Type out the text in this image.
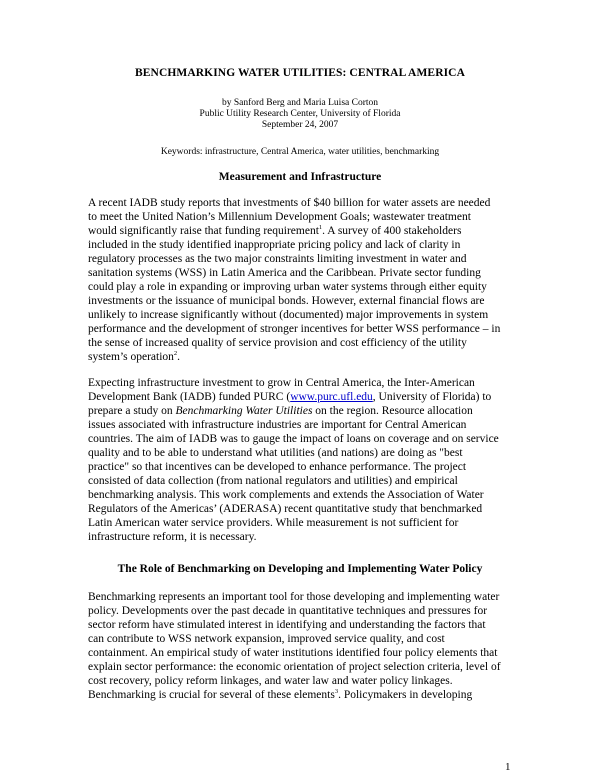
BENCHMARKING WATER UTILITIES: CENTRAL AMERICA
by Sanford Berg and Maria Luisa Corton
Public Utility Research Center, University of Florida
September 24, 2007
Keywords: infrastructure, Central America, water utilities, benchmarking
Measurement and Infrastructure
A recent IADB study reports that investments of $40 billion for water assets are needed
to meet the United Nation’s Millennium Development Goals; wastewater treatment
would significantly raise that funding requirement$^1$. A survey of 400 stakeholders
included in the study identified inappropriate pricing policy and lack of clarity in
regulatory processes as the two major constraints limiting investment in water and
sanitation systems (WSS) in Latin America and the Caribbean. Private sector funding
could play a role in expanding or improving urban water systems through either equity
investments or the issuance of municipal bonds. However, external financial flows are
unlikely to increase significantly without (documented) major improvements in system
performance and the development of stronger incentives for better WSS performance – in
the sense of increased quality of service provision and cost efficiency of the utility
system’s operation$^2$.
Expecting infrastructure investment to grow in Central America, the Inter-American
Development Bank (IADB) funded PURC (www.purc.ufl.edu, University of Florida) to
prepare a study on Benchmarking Water Utilities on the region. Resource allocation
issues associated with infrastructure industries are important for Central American
countries. The aim of IADB was to gauge the impact of loans on coverage and on service
quality and to be able to understand what utilities (and nations) are doing as "best
practice" so that incentives can be developed to enhance performance. The project
consisted of data collection (from national regulators and utilities) and empirical
benchmarking analysis. This work complements and extends the Association of Water
Regulators of the Americas’ (ADERASA) recent quantitative study that benchmarked
Latin American water service providers. While measurement is not sufficient for
infrastructure reform, it is necessary.
The Role of Benchmarking on Developing and Implementing Water Policy
Benchmarking represents an important tool for those developing and implementing water
policy. Developments over the past decade in quantitative techniques and pressures for
sector reform have stimulated interest in identifying and understanding the factors that
can contribute to WSS network expansion, improved service quality, and cost
containment. An empirical study of water institutions identified four policy elements that
explain sector performance: the economic orientation of project selection criteria, level of
cost recovery, policy reform linkages, and water law and water policy linkages.
Benchmarking is crucial for several of these elements$^3$. Policymakers in developing
1
